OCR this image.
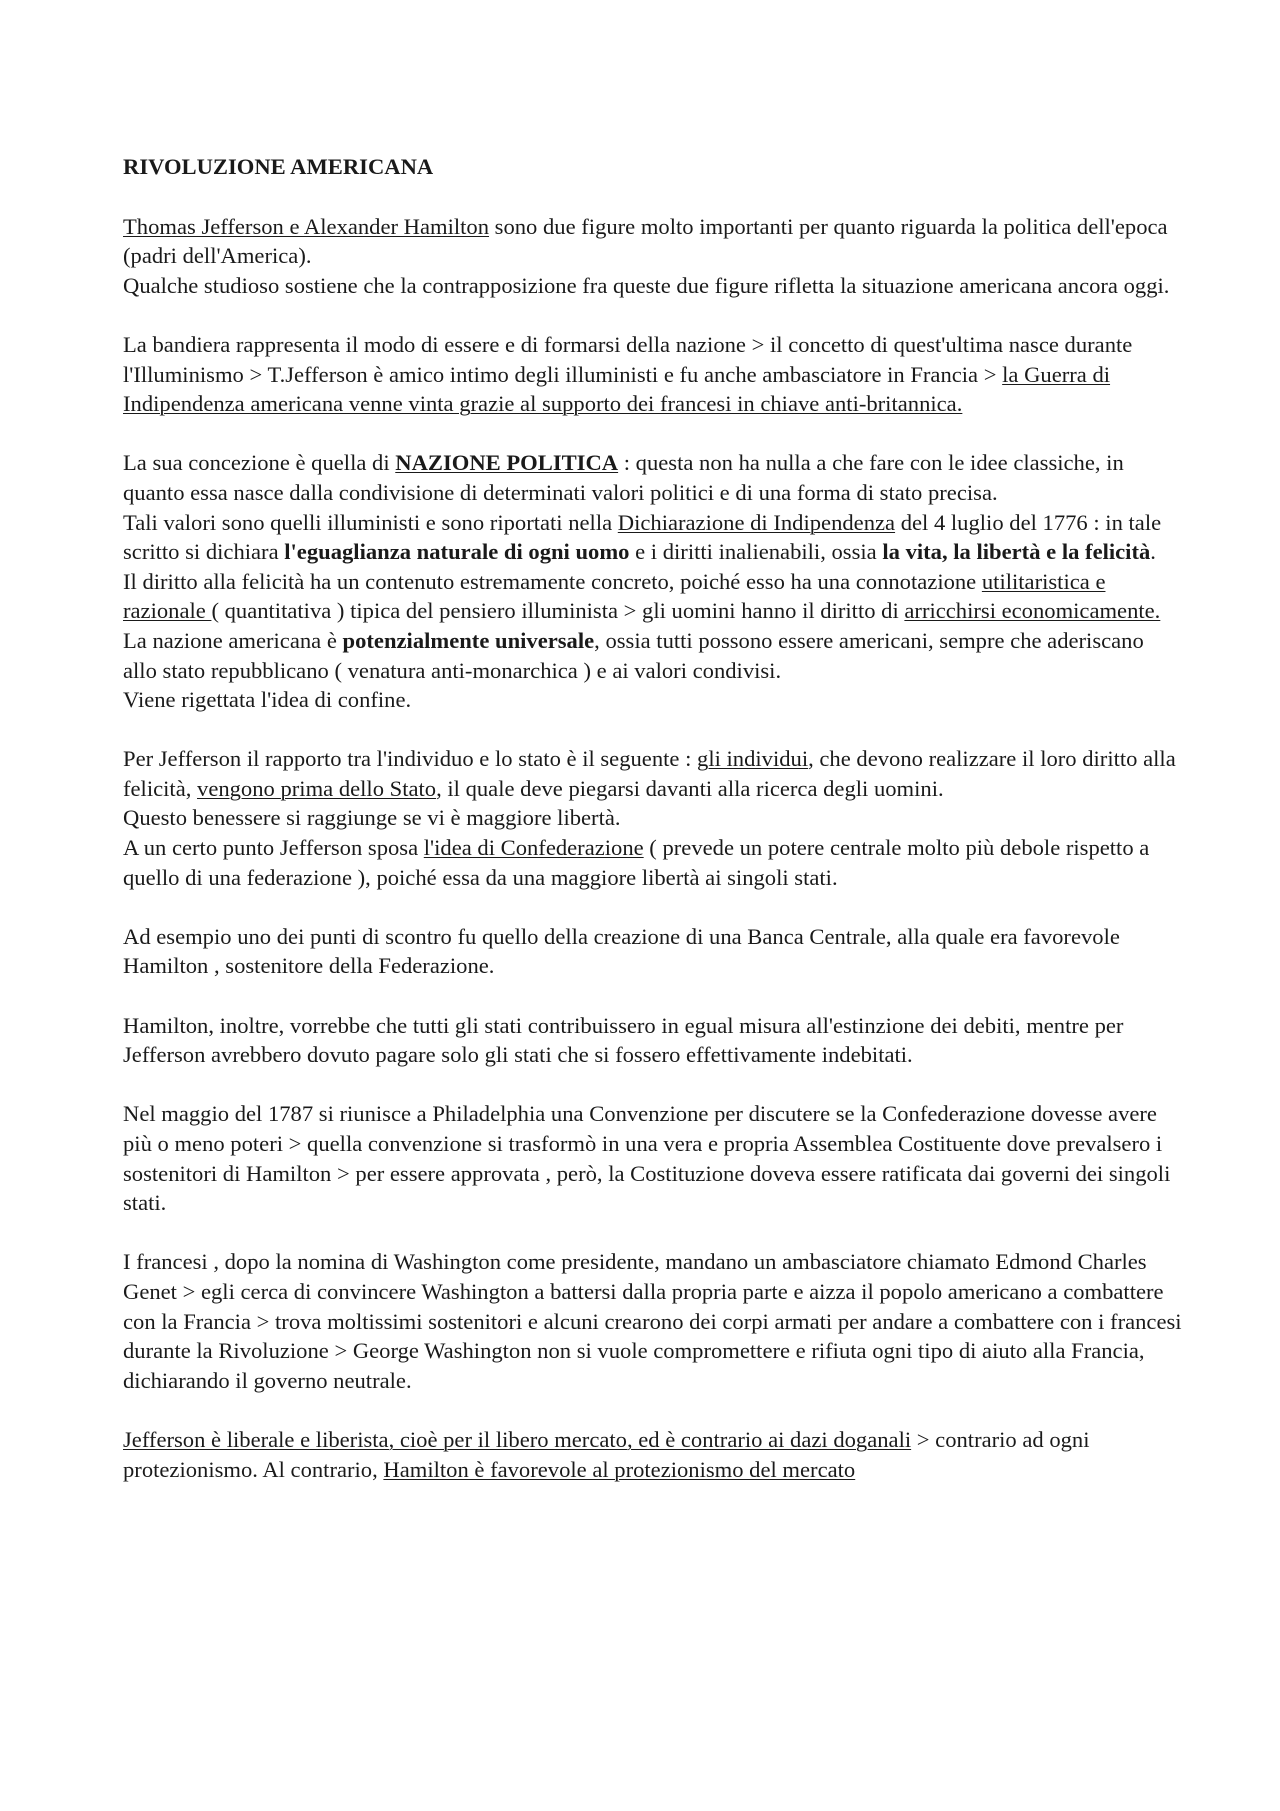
RIVOLUZIONE AMERICANA

Thomas Jefferson e Alexander Hamilton sono due figure molto importanti per quanto riguarda la politica dell'epoca (padri dell'America).

Qualche studioso sostiene che la contrapposizione fra queste due figure rifletta la situazione americana ancora oggi.

La bandiera rappresenta il modo di essere e di formarsi della nazione > il concetto di quest'ultima nasce durante l'Illuminismo > T.Jefferson è amico intimo degli illuministi e fu anche ambasciatore in Francia > la Guerra di Indipendenza americana venne vinta grazie al supporto dei francesi in chiave anti-britannica.

La sua concezione è quella di NAZIONE POLITICA : questa non ha nulla a che fare con le idee classiche, in quanto essa nasce dalla condivisione di determinati valori politici e di una forma di stato precisa.

Tali valori sono quelli illuministi e sono riportati nella Dichiarazione di Indipendenza del 4 luglio del 1776 : in tale scritto si dichiara l'eguaglianza naturale di ogni uomo e i diritti inalienabili, ossia la vita, la libertà e la felicità.

Il diritto alla felicità ha un contenuto estremamente concreto, poiché esso ha una connotazione utilitaristica e razionale ( quantitativa ) tipica del pensiero illuminista > gli uomini hanno il diritto di arricchirsi economicamente.

La nazione americana è potenzialmente universale, ossia tutti possono essere americani, sempre che aderiscano allo stato repubblicano ( venatura anti-monarchica ) e ai valori condivisi.

Viene rigettata l'idea di confine.

Per Jefferson il rapporto tra l'individuo e lo stato è il seguente : gli individui, che devono realizzare il loro diritto alla felicità, vengono prima dello Stato, il quale deve piegarsi davanti alla ricerca degli uomini.

Questo benessere si raggiunge se vi è maggiore libertà.

A un certo punto Jefferson sposa l'idea di Confederazione ( prevede un potere centrale molto più debole rispetto a quello di una federazione ), poiché essa da una maggiore libertà ai singoli stati.

Ad esempio uno dei punti di scontro fu quello della creazione di una Banca Centrale, alla quale era favorevole Hamilton , sostenitore della Federazione.

Hamilton, inoltre, vorrebbe che tutti gli stati contribuissero in egual misura all'estinzione dei debiti, mentre per Jefferson avrebbero dovuto pagare solo gli stati che si fossero effettivamente indebitati.

Nel maggio del 1787 si riunisce a Philadelphia una Convenzione per discutere se la Confederazione dovesse avere più o meno poteri > quella convenzione si trasformò in una vera e propria Assemblea Costituente dove prevalsero i sostenitori di Hamilton > per essere approvata , però, la Costituzione doveva essere ratificata dai governi dei singoli stati.

I francesi , dopo la nomina di Washington come presidente, mandano un ambasciatore chiamato Edmond Charles Genet > egli cerca di convincere Washington a battersi dalla propria parte e aizza il popolo americano a combattere con la Francia > trova moltissimi sostenitori e alcuni crearono dei corpi armati per andare a combattere con i francesi durante la Rivoluzione > George Washington non si vuole compromettere e rifiuta ogni tipo di aiuto alla Francia, dichiarando il governo neutrale.

Jefferson è liberale e liberista, cioè per il libero mercato, ed è contrario ai dazi doganali > contrario ad ogni protezionismo. Al contrario, Hamilton è favorevole al protezionismo del mercato
